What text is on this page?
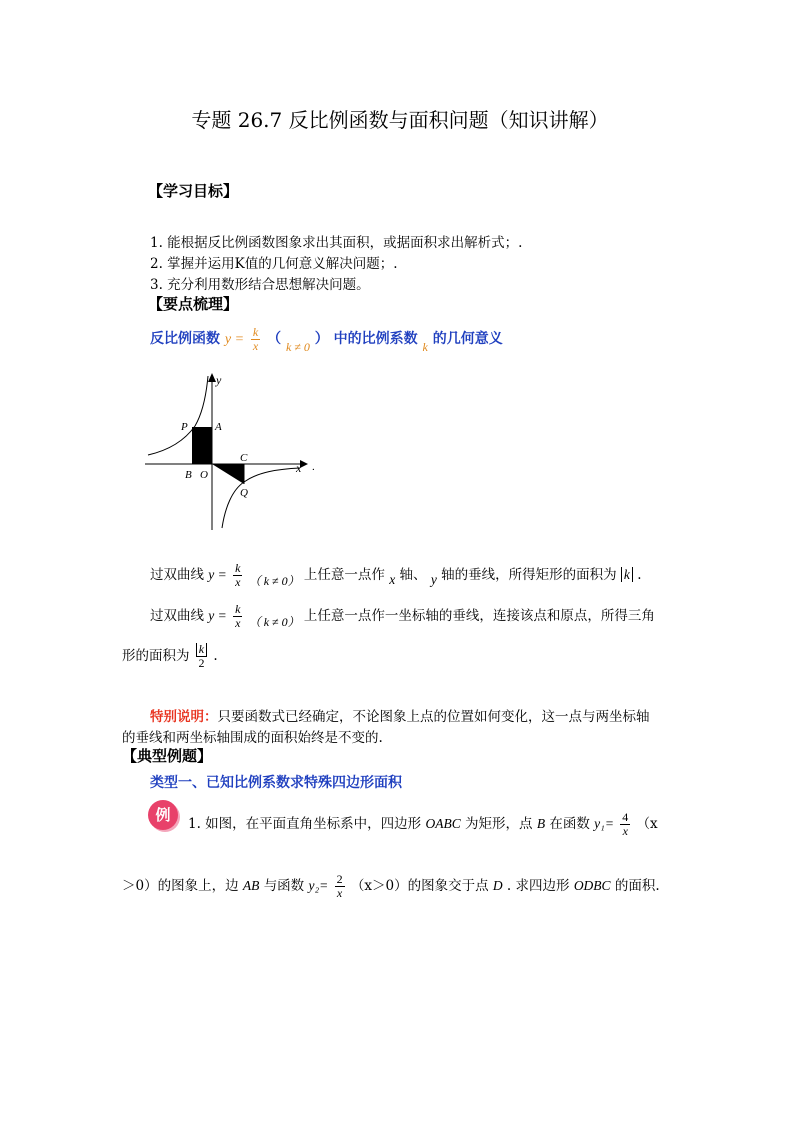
专题 26.7 反比例函数与面积问题（知识讲解）
【学习目标】
1. 能根据反比例函数图象求出其面积，或据面积求出解析式；.
2. 掌握并运用K值的几何意义解决问题；.
3. 充分利用数形结合思想解决问题。
【要点梳理】
反比例函数 $y = \frac{k}{x}$ （ k ≠ 0 ） 中的比例系数 k 的几何意义
y
x
P A
B O
C
Q
.
过双曲线 $y = \frac{k}{x}$ （ k ≠ 0） 上任意一点作 x 轴、 y 轴的垂线，所得矩形的面积为 k .
过双曲线 $y = \frac{k}{x}$ （ k ≠ 0） 上任意一点作一坐标轴的垂线，连接该点和原点，所得三角
形的面积为 $\frac{k}{2}$ .
特别说明：只要函数式已经确定，不论图象上点的位置如何变化，这一点与两坐标轴
的垂线和两坐标轴围成的面积始终是不变的.
【典型例题】
类型一、已知比例系数求特殊四边形面积
例	1. 如图，在平面直角坐标系中，四边形 OABC 为矩形，点 B 在函数 $y_1= \frac{4}{x} (x$
＞0）的图象上，边 AB 与函数 $y_2= \frac{2}{x} (x>0)$的图象交于点 D . 求四边形 ODBC 的面积.
